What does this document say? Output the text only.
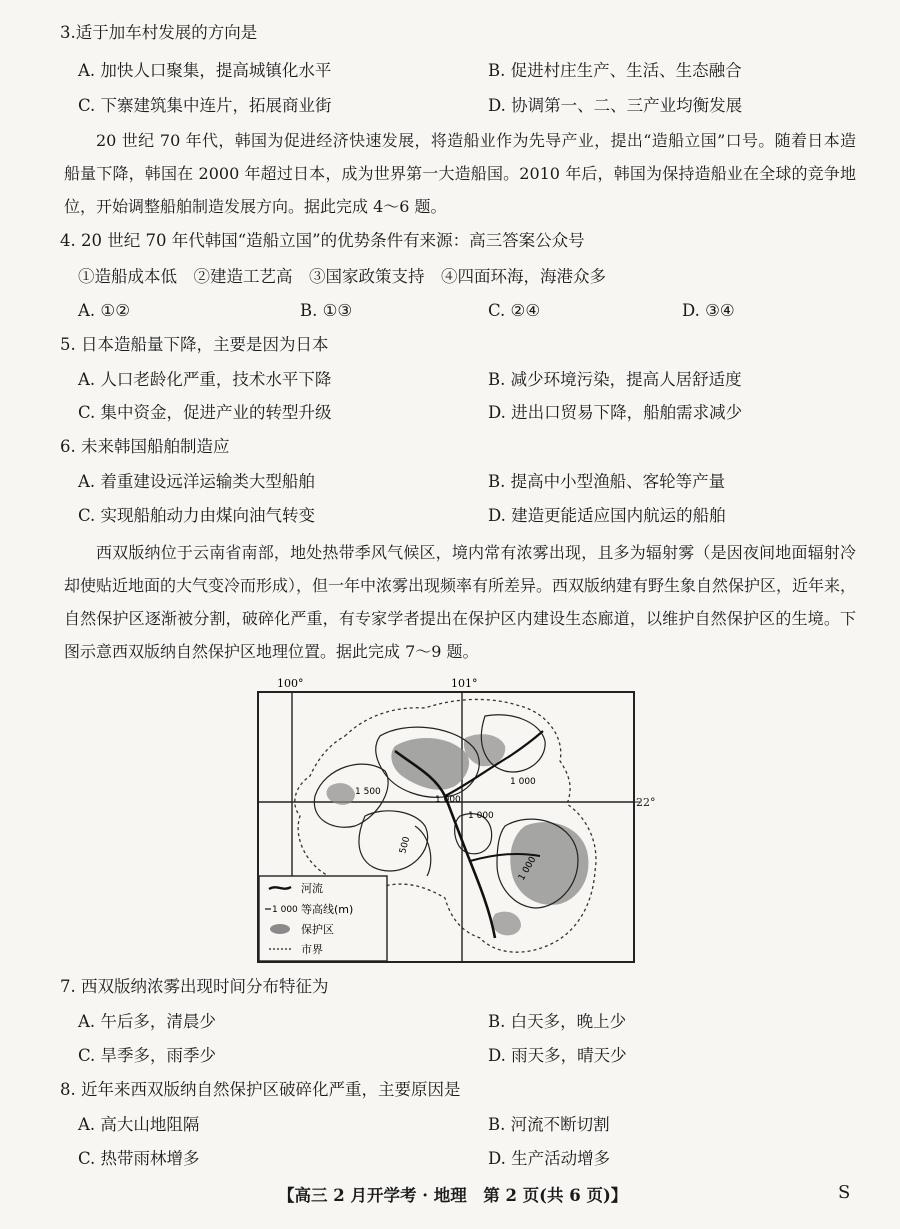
3.适于加车村发展的方向是
A. 加快人口聚集，提高城镇化水平	B. 促进村庄生产、生活、生态融合
C. 下寨建筑集中连片，拓展商业街	D. 协调第一、二、三产业均衡发展

20 世纪 70 年代，韩国为促进经济快速发展，将造船业作为先导产业，提出“造船立国”口号。随着日本造船量下降，韩国在 2000 年超过日本，成为世界第一大造船国。2010 年后，韩国为保持造船业在全球的竞争地位，开始调整船舶制造发展方向。据此完成 4～6 题。

4. 20 世纪 70 年代韩国“造船立国”的优势条件有来源：高三答案公众号
①造船成本低　②建造工艺高　③国家政策支持　④四面环海，海港众多
A. ①②	B. ①③	C. ②④	D. ③④
5. 日本造船量下降，主要是因为日本
A. 人口老龄化严重，技术水平下降	B. 减少环境污染，提高人居舒适度
C. 集中资金，促进产业的转型升级	D. 进出口贸易下降，船舶需求减少
6. 未来韩国船舶制造应
A. 着重建设远洋运输类大型船舶	B. 提高中小型渔船、客轮等产量
C. 实现船舶动力由煤向油气转变	D. 建造更能适应国内航运的船舶

西双版纳位于云南省南部，地处热带季风气候区，境内常有浓雾出现，且多为辐射雾（是因夜间地面辐射冷却使贴近地面的大气变冷而形成），但一年中浓雾出现频率有所差异。西双版纳建有野生象自然保护区，近年来，自然保护区逐渐被分割，破碎化严重，有专家学者提出在保护区内建设生态廊道，以维护自然保护区的生境。下图示意西双版纳自然保护区地理位置。据此完成 7～9 题。

100°	101°
1 500
1 000
1 000
500
1 000
1 000
河流
1 000 等高线(m)
保护区
市界
22°
7. 西双版纳浓雾出现时间分布特征为
A. 午后多，清晨少	B. 白天多，晚上少
C. 旱季多，雨季少	D. 雨天多，晴天少
8. 近年来西双版纳自然保护区破碎化严重，主要原因是
A. 高大山地阻隔	B. 河流不断切割
C. 热带雨林增多	D. 生产活动增多
【高三 2 月开学考 · 地理　第 2 页(共 6 页)】	S
